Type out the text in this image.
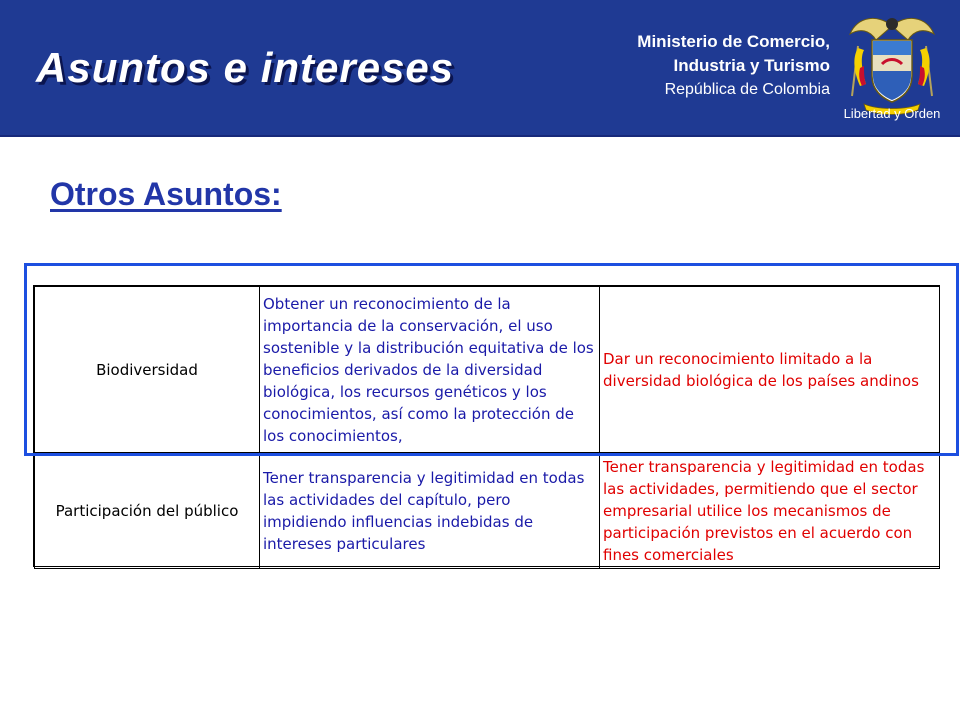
Asuntos e intereses
Ministerio de Comercio,
Industria y Turismo
República de Colombia
Libertad y Orden
Otros Asuntos:
Biodiversidad	Obtener un reconocimiento de la importancia de la conservación, el uso sostenible y la distribución equitativa de los beneficios derivados de la diversidad biológica, los recursos genéticos y los conocimientos, así como la protección de los conocimientos,	Dar un reconocimiento limitado a la diversidad biológica de los países andinos
Participación del público	Tener transparencia y legitimidad en todas las actividades del capítulo, pero impidiendo influencias indebidas de intereses particulares	Tener transparencia y legitimidad en todas las actividades, permitiendo que el sector empresarial utilice los mecanismos de participación previstos en el acuerdo con fines comerciales
